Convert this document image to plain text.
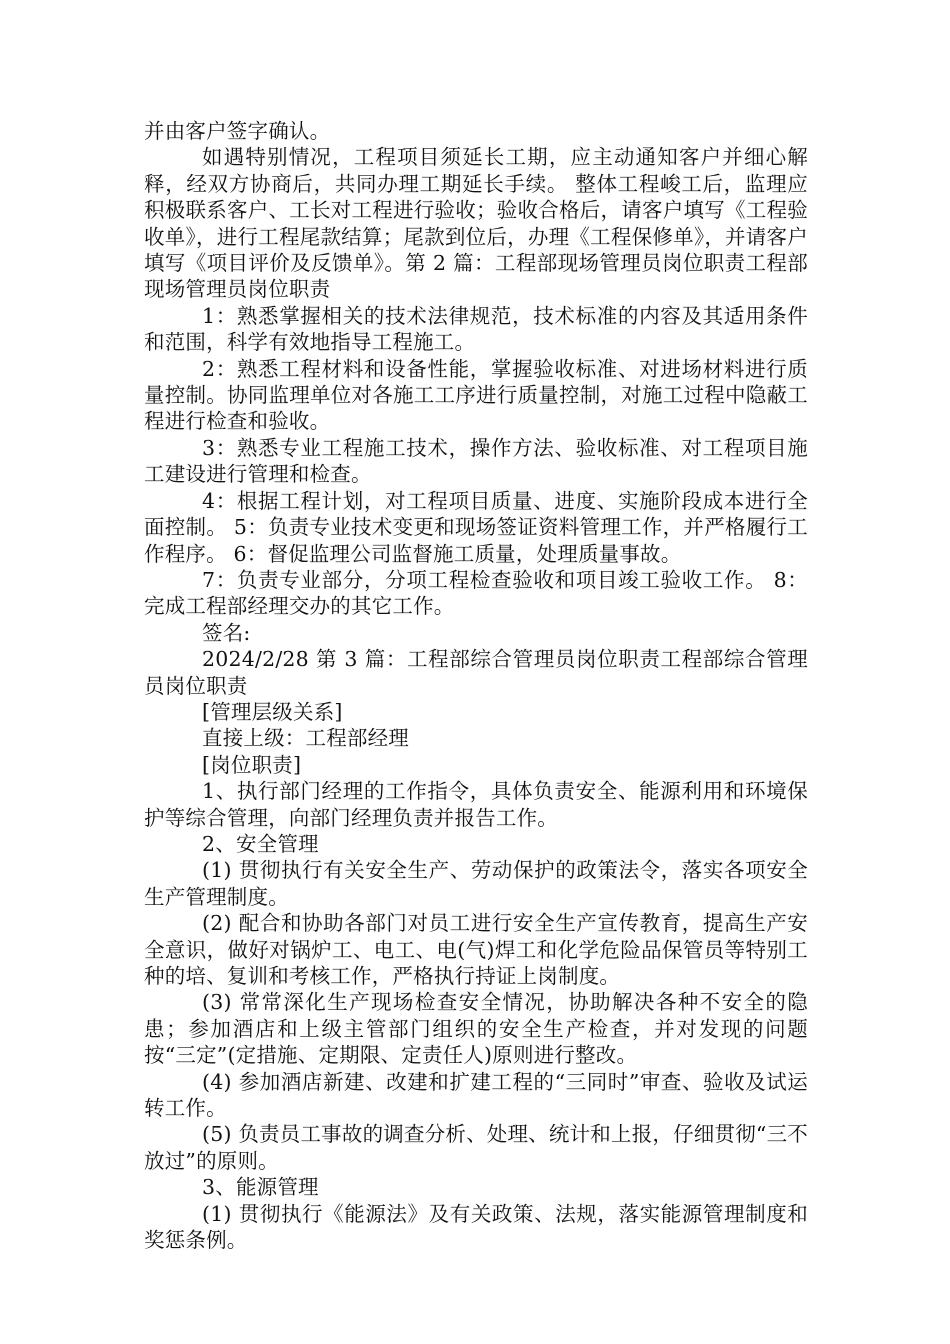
并由客户签字确认。

如遇特别情况，工程项目须延长工期，应主动通知客户并细心解释，经双方协商后，共同办理工期延长手续。 整体工程峻工后，监理应积极联系客户、工长对工程进行验收；验收合格后，请客户填写《工程验收单》，进行工程尾款结算；尾款到位后，办理《工程保修单》，并请客户填写《项目评价及反馈单》。第 2 篇：工程部现场管理员岗位职责工程部现场管理员岗位职责

1：熟悉掌握相关的技术法律规范，技术标准的内容及其适用条件和范围，科学有效地指导工程施工。

2：熟悉工程材料和设备性能，掌握验收标准、对进场材料进行质量控制。协同监理单位对各施工工序进行质量控制，对施工过程中隐蔽工程进行检查和验收。

3：熟悉专业工程施工技术，操作方法、验收标准、对工程项目施工建设进行管理和检查。

4：根据工程计划，对工程项目质量、进度、实施阶段成本进行全面控制。 5：负责专业技术变更和现场签证资料管理工作，并严格履行工作程序。 6：督促监理公司监督施工质量，处理质量事故。

7：负责专业部分，分项工程检查验收和项目竣工验收工作。 8：完成工程部经理交办的其它工作。

签名:

2024/2/28 第 3 篇：工程部综合管理员岗位职责工程部综合管理员岗位职责

[管理层级关系]

直接上级：工程部经理

[岗位职责]

1、执行部门经理的工作指令，具体负责安全、能源利用和环境保护等综合管理，向部门经理负责并报告工作。

2、安全管理

(1) 贯彻执行有关安全生产、劳动保护的政策法令，落实各项安全生产管理制度。

(2) 配合和协助各部门对员工进行安全生产宣传教育，提高生产安全意识，做好对锅炉工、电工、电(气)焊工和化学危险品保管员等特别工种的培、复训和考核工作，严格执行持证上岗制度。

(3) 常常深化生产现场检查安全情况，协助解决各种不安全的隐患；参加酒店和上级主管部门组织的安全生产检查，并对发现的问题按“三定”(定措施、定期限、定责任人)原则进行整改。

(4) 参加酒店新建、改建和扩建工程的“三同时”审查、验收及试运转工作。

(5) 负责员工事故的调查分析、处理、统计和上报，仔细贯彻“三不放过”的原则。

3、能源管理

(1) 贯彻执行《能源法》及有关政策、法规，落实能源管理制度和奖惩条例。
